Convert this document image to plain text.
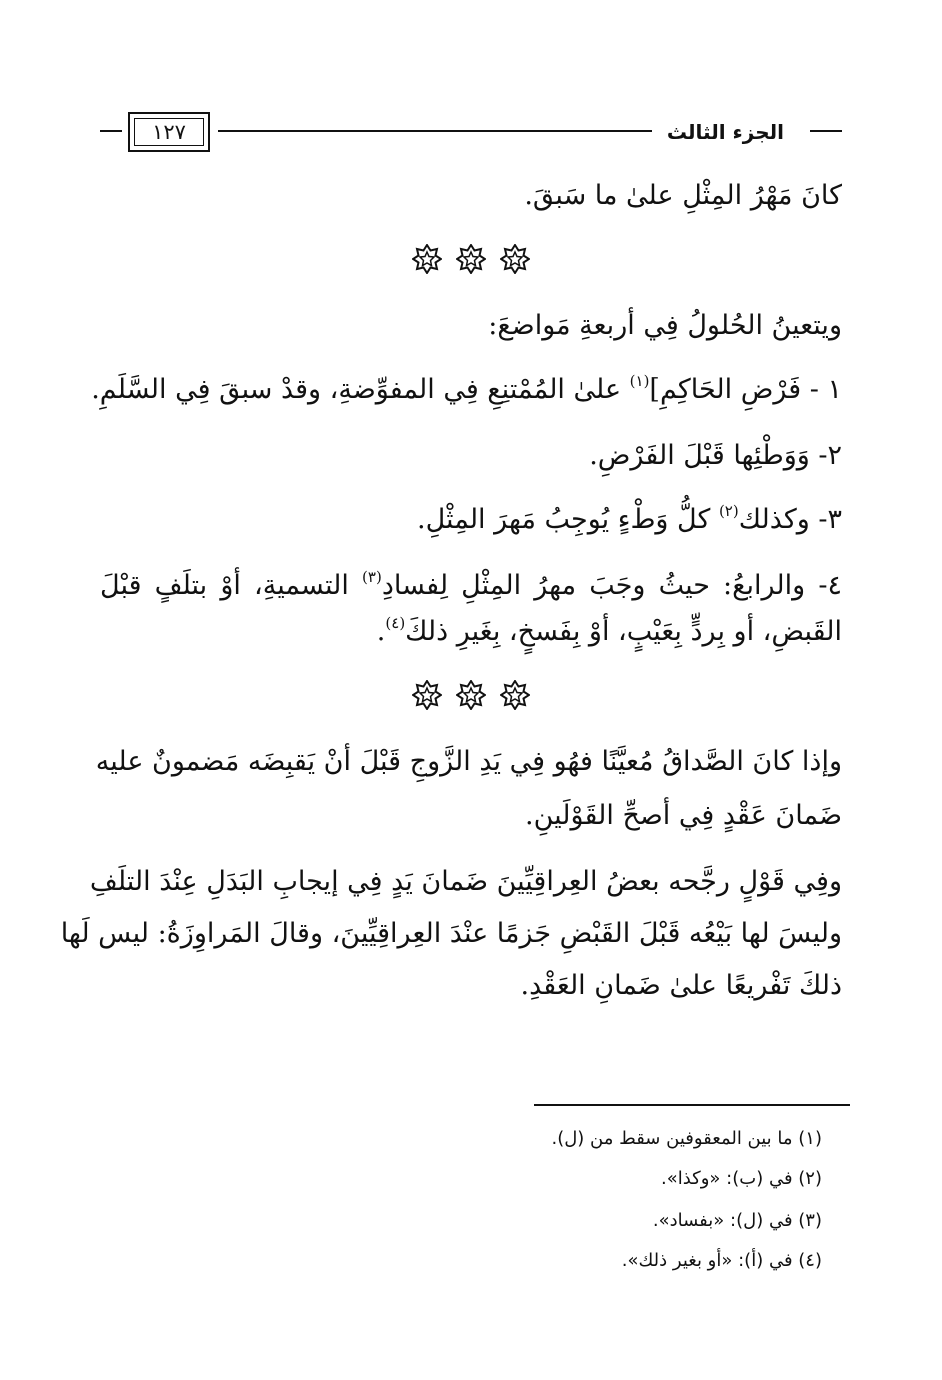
الجزء الثالث
١٢٧
كانَ مَهْرُ المِثْلِ علىٰ ما سَبقَ.
ويتعينُ الحُلولُ فِي أربعةِ مَواضعَ:
١ - فَرْضِ الحَاكِمِ]$^{(١)}$ علىٰ المُمْتنِعِ فِي المفوِّضةِ، وقدْ سبقَ فِي السَّلَمِ.
٢- وَوَطْئِها قَبْلَ الفَرْضِ.
٣- وكذلك$^{(٢)}$ كلُّ وَطْءٍ يُوجِبُ مَهرَ المِثْلِ.
٤- والرابعُ: حيثُ وجَبَ مهرُ المِثْلِ لِفسادِ$^{(٣)}$ التسميةِ، أوْ بتلَفٍ قبْلَ
القَبضِ، أو بِردٍّ بِعَيْبٍ، أوْ بِفَسخٍ، بِغَيرِ ذلكَ$^{(٤)}$.
وإذا كانَ الصَّداقُ مُعيَّنًا فهُو فِي يَدِ الزَّوجِ قَبْلَ أنْ يَقبِضَه مَضمونٌ عليه
ضَمانَ عَقْدٍ فِي أصحِّ القَوْلَينِ.
وفِي قَوْلٍ رجَّحه بعضُ العِراقِيِّينَ ضَمانَ يَدٍ فِي إيجابِ البَدَلِ عِنْدَ التلَفِ
وليسَ لها بَيْعُه قَبْلَ القَبْضِ جَزمًا عنْدَ العِراقِيِّينَ، وقالَ المَراوِزَةُ: ليس لَها
ذلكَ تَفْريعًا علىٰ ضَمانِ العَقْدِ.
(١) ما بين المعقوفين سقط من (ل).
(٢) في (ب): «وكذا».
(٣) في (ل): «بفساد».
(٤) في (أ): «أو بغير ذلك».
